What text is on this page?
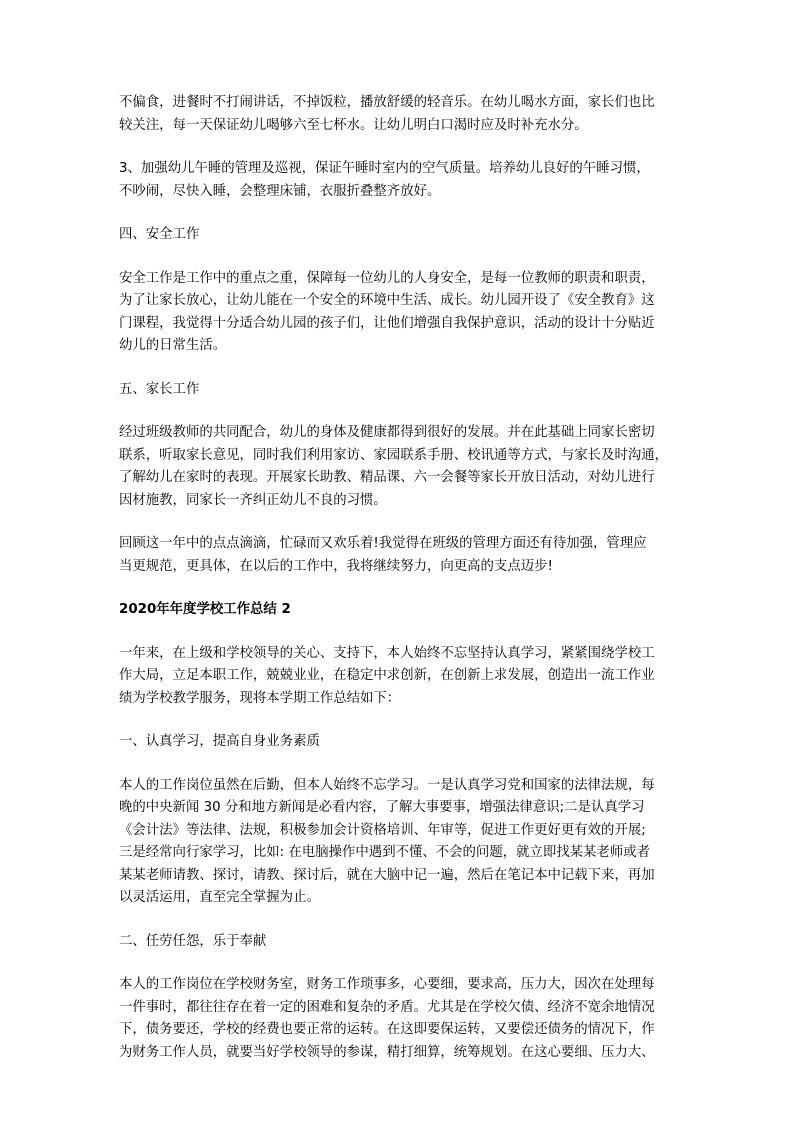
不偏食，进餐时不打闹讲话，不掉饭粒，播放舒缓的轻音乐。在幼儿喝水方面，家长们也比
较关注，每一天保证幼儿喝够六至七杯水。让幼儿明白口渴时应及时补充水分。
3、加强幼儿午睡的管理及巡视，保证午睡时室内的空气质量。培养幼儿良好的午睡习惯，
不吵闹，尽快入睡，会整理床铺，衣服折叠整齐放好。
四、安全工作
安全工作是工作中的重点之重，保障每一位幼儿的人身安全，是每一位教师的职责和职责，
为了让家长放心，让幼儿能在一个安全的环境中生活、成长。幼儿园开设了《安全教育》这
门课程，我觉得十分适合幼儿园的孩子们，让他们增强自我保护意识，活动的设计十分贴近
幼儿的日常生活。
五、家长工作
经过班级教师的共同配合，幼儿的身体及健康都得到很好的发展。并在此基础上同家长密切
联系，听取家长意见，同时我们利用家访、家园联系手册、校讯通等方式，与家长及时沟通，
了解幼儿在家时的表现。开展家长助教、精品课、六一会餐等家长开放日活动，对幼儿进行
因材施教，同家长一齐纠正幼儿不良的习惯。
回顾这一年中的点点滴滴，忙碌而又欢乐着!我觉得在班级的管理方面还有待加强，管理应
当更规范，更具体，在以后的工作中，我将继续努力，向更高的支点迈步!
2020年年度学校工作总结 2
一年来，在上级和学校领导的关心、支持下，本人始终不忘坚持认真学习，紧紧围绕学校工
作大局，立足本职工作，兢兢业业，在稳定中求创新，在创新上求发展，创造出一流工作业
绩为学校教学服务，现将本学期工作总结如下：
一、认真学习，提高自身业务素质
本人的工作岗位虽然在后勤，但本人始终不忘学习。一是认真学习党和国家的法律法规，每
晚的中央新闻 30 分和地方新闻是必看内容，了解大事要事，增强法律意识;二是认真学习
《会计法》等法律、法规，积极参加会计资格培训、年审等，促进工作更好更有效的开展;
三是经常向行家学习，比如: 在电脑操作中遇到不懂、不会的问题，就立即找某某老师或者
某某老师请教、探讨，请教、探讨后，就在大脑中记一遍，然后在笔记本中记载下来，再加
以灵活运用，直至完全掌握为止。
二、任劳任怨，乐于奉献
本人的工作岗位在学校财务室，财务工作琐事多，心要细，要求高，压力大，因次在处理每
一件事时，都往往存在着一定的困难和复杂的矛盾。尤其是在学校欠债、经济不宽余地情况
下，债务要还，学校的经费也要正常的运转。在这即要保运转，又要偿还债务的情况下，作
为财务工作人员，就要当好学校领导的参谋，精打细算，统筹规划。在这心要细、压力大、
